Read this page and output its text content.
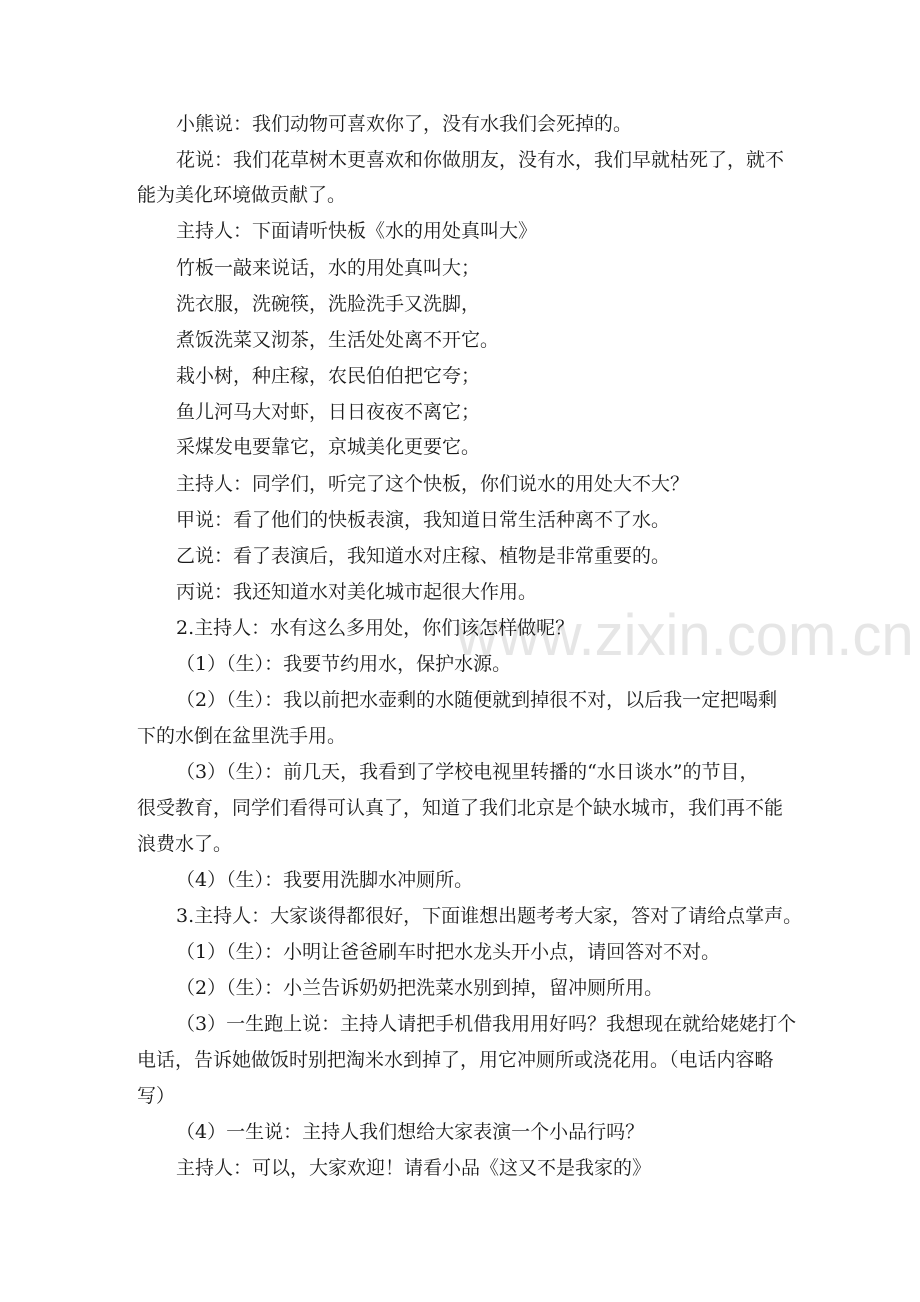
www.zixin.com.cn
小熊说：我们动物可喜欢你了，没有水我们会死掉的。
花说：我们花草树木更喜欢和你做朋友，没有水，我们早就枯死了，就不
能为美化环境做贡献了。
主持人：下面请听快板《水的用处真叫大》
竹板一敲来说话，水的用处真叫大；
洗衣服，洗碗筷，洗脸洗手又洗脚，
煮饭洗菜又沏茶，生活处处离不开它。
栽小树，种庄稼，农民伯伯把它夸；
鱼儿河马大对虾，日日夜夜不离它；
采煤发电要靠它，京城美化更要它。
主持人：同学们，听完了这个快板，你们说水的用处大不大？
甲说：看了他们的快板表演，我知道日常生活种离不了水。
乙说：看了表演后，我知道水对庄稼、植物是非常重要的。
丙说：我还知道水对美化城市起很大作用。
2.主持人：水有这么多用处，你们该怎样做呢？
（1）（生）：我要节约用水，保护水源。
（2）（生）：我以前把水壶剩的水随便就到掉很不对，以后我一定把喝剩
下的水倒在盆里洗手用。
（3）（生）：前几天，我看到了学校电视里转播的“水日谈水”的节目，
很受教育，同学们看得可认真了，知道了我们北京是个缺水城市，我们再不能
浪费水了。
（4）（生）：我要用洗脚水冲厕所。
3.主持人：大家谈得都很好，下面谁想出题考考大家，答对了请给点掌声。
（1）（生）：小明让爸爸刷车时把水龙头开小点，请回答对不对。
（2）（生）：小兰告诉奶奶把洗菜水别到掉，留冲厕所用。
（3）一生跑上说：主持人请把手机借我用用好吗？我想现在就给姥姥打个
电话，告诉她做饭时别把淘米水到掉了，用它冲厕所或浇花用。（电话内容略
写）
（4）一生说：主持人我们想给大家表演一个小品行吗？
主持人：可以，大家欢迎！请看小品《这又不是我家的》
